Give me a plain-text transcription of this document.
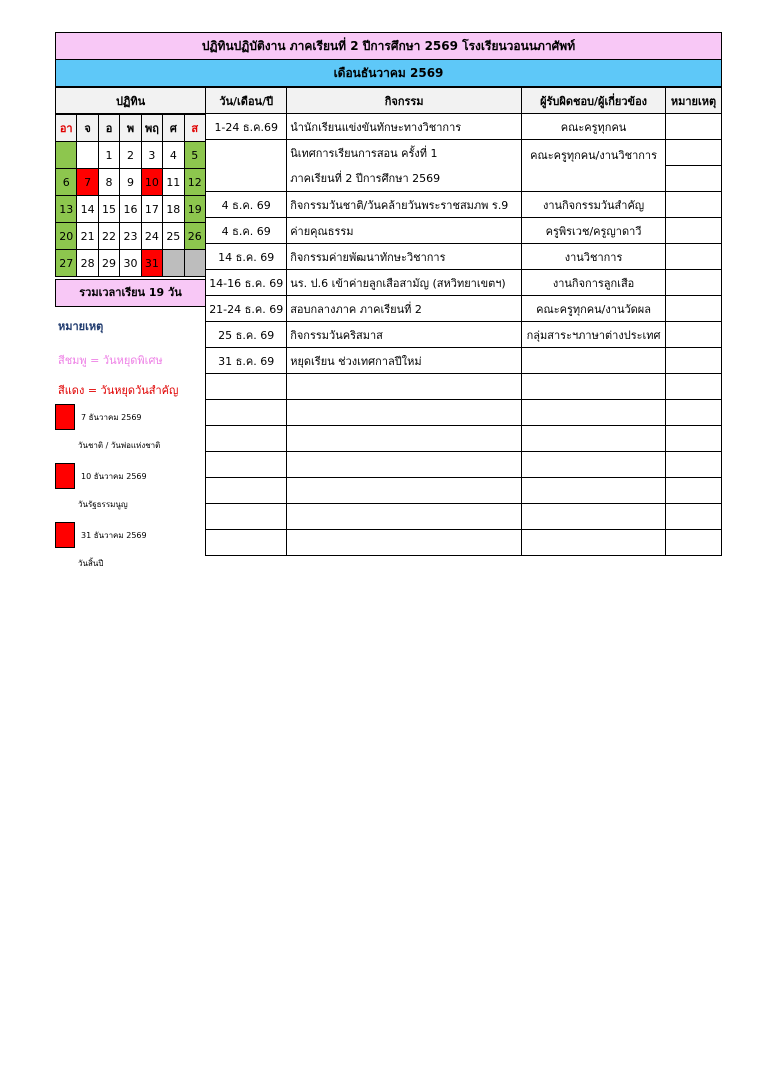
ปฏิทินปฏิบัติงาน ภาคเรียนที่ 2 ปีการศึกษา 2569 โรงเรียนวอนนภาศัพท์
เดือนธันวาคม 2569
ปฏิทิน	วัน/เดือน/ปี	กิจกรรม	ผู้รับผิดชอบ/ผู้เกี่ยวข้อง	หมายเหตุ
	1-24 ธ.ค.69	นำนักเรียนแข่งขันทักษะทางวิชาการ	คณะครูทุกคน	
		นิเทศการเรียนการสอน ครั้งที่ 1	คณะครูทุกคน/งานวิชาการ	
		ภาคเรียนที่ 2 ปีการศึกษา 2569		
	4 ธ.ค. 69	กิจกรรมวันชาติ/วันคล้ายวันพระราชสมภพ ร.9	งานกิจกรรมวันสำคัญ	
	4 ธ.ค. 69	ค่ายคุณธรรม	ครูพิรเวช/ครูญาดาวี	
	14 ธ.ค. 69	กิจกรรมค่ายพัฒนาทักษะวิชาการ	งานวิชาการ	
	14-16 ธ.ค. 69	นร. ป.6 เข้าค่ายลูกเสือสามัญ (สหวิทยาเขตฯ)	งานกิจการลูกเสือ	
	21-24 ธ.ค. 69	สอบกลางภาค ภาคเรียนที่ 2	คณะครูทุกคน/งานวัดผล	
	25 ธ.ค. 69	กิจกรรมวันคริสมาส	กลุ่มสาระฯภาษาต่างประเทศ	
	31 ธ.ค. 69	หยุดเรียน ช่วงเทศกาลปีใหม่		

อา	จ	อ	พ	พฤ	ศ	ส
		1	2	3	4	5
6	7	8	9	10	11	12
13	14	15	16	17	18	19
20	21	22	23	24	25	26
27	28	29	30	31		
รวมเวลาเรียน 19 วัน
หมายเหตุ
สีชมพู = วันหยุดพิเศษ
สีแดง = วันหยุดวันสำคัญ
7 ธันวาคม 2569
วันชาติ / วันพ่อแห่งชาติ
10 ธันวาคม 2569
วันรัฐธรรมนูญ
31 ธันวาคม 2569
วันสิ้นปี
